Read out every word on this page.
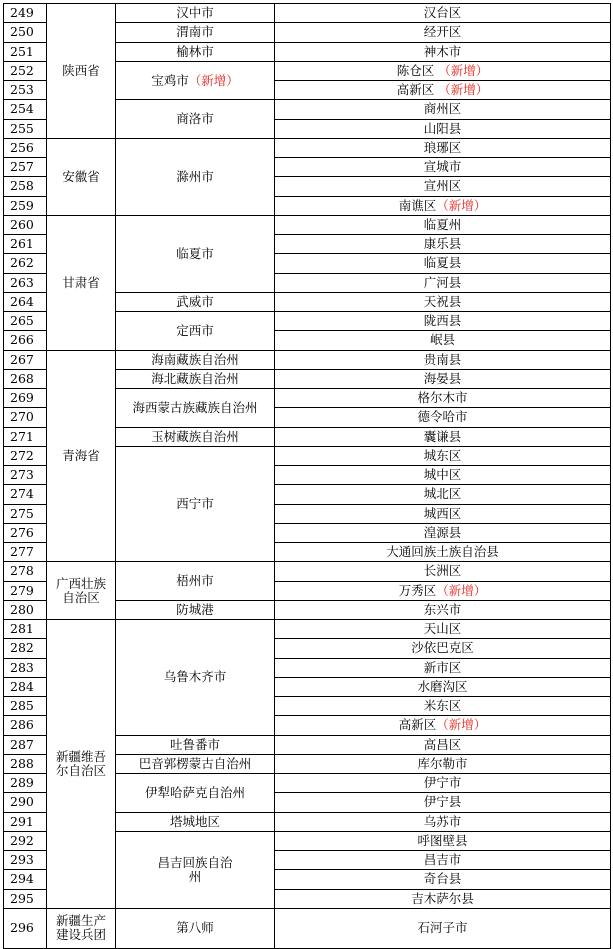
249	陕西省	汉中市	汉台区
250		渭南市	经开区
251		榆林市	神木市
252		宝鸡市（新增）	陈仓区 （新增）
253			高新区 （新增）
254		商洛市	商州区
255			山阳县
256	安徽省	滁州市	琅琊区
257			宣城市
258			宣州区
259			南谯区（新增）
260	甘肃省	临夏市	临夏州
261			康乐县
262			临夏县
263			广河县
264		武威市	天祝县
265		定西市	陇西县
266			岷县
267	青海省	海南藏族自治州	贵南县
268		海北藏族自治州	海晏县
269		海西蒙古族藏族自治州	格尔木市
270			德令哈市
271		玉树藏族自治州	囊谦县
272		西宁市	城东区
273			城中区
274			城北区
275			城西区
276			湟源县
277			大通回族土族自治县
278	广西壮族自治区	梧州市	长洲区
279			万秀区（新增）
280		防城港	东兴市
281	新疆维吾尔自治区	乌鲁木齐市	天山区
282			沙依巴克区
283			新市区
284			水磨沟区
285			米东区
286			高新区（新增）
287		吐鲁番市	高昌区
288		巴音郭楞蒙古自治州	库尔勒市
289		伊犁哈萨克自治州	伊宁市
290			伊宁县
291		塔城地区	乌苏市
292		昌吉回族自治州	呼图壁县
293			昌吉市
294			奇台县
295			吉木萨尔县
296	新疆生产建设兵团	第八师	石河子市
